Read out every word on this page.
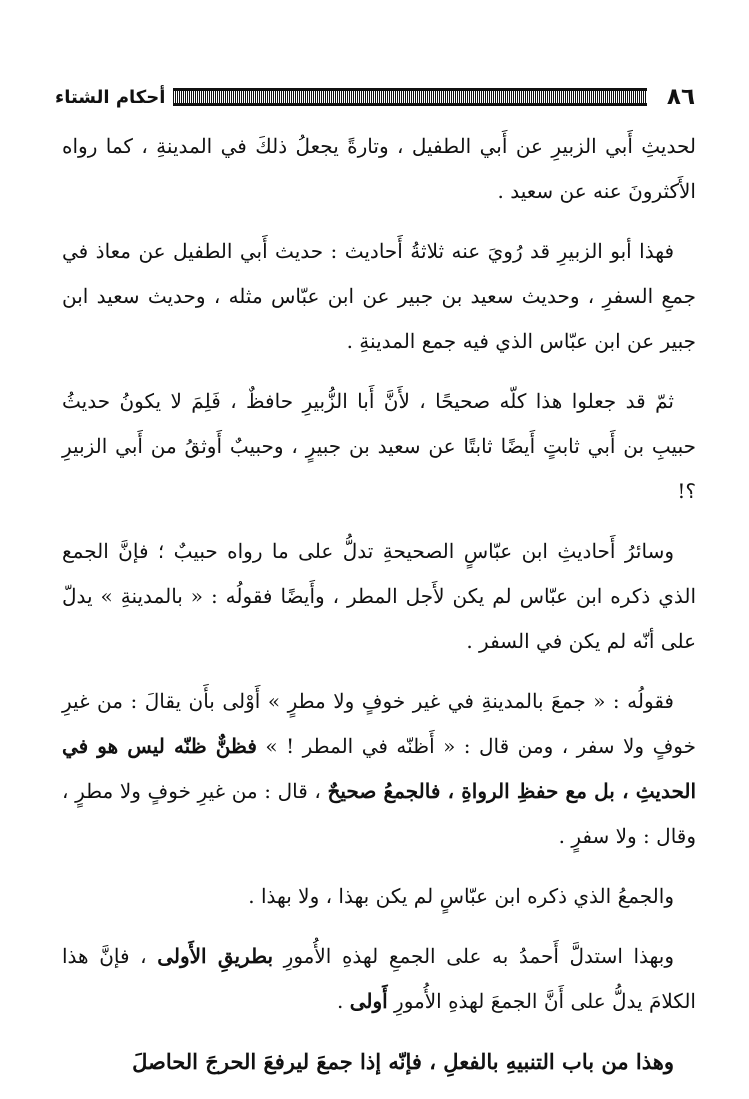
٨٦
أحكام الشتاء

لحديثِ أَبي الزبيرِ عن أَبي الطفيل ، وتارةً يجعلُ ذلكَ في المدينةِ ، كما رواه الأَكثرونَ عنه عن سعيد .

فهذا أبو الزبيرِ قد رُويَ عنه ثلاثةُ أَحاديث : حديث أَبي الطفيل عن معاذ في جمعِ السفرِ ، وحديث سعيد بن جبير عن ابن عبّاس مثله ، وحديث سعيد ابن جبير عن ابن عبّاس الذي فيه جمع المدينةِ .

ثمّ قد جعلوا هذا كلّه صحيحًا ، لأَنَّ أَبا الزُّبيرِ حافظٌ ، فَلِمَ لا يكونُ حديثُ حبيبِ بن أَبي ثابتٍ أَيضًا ثابتًا عن سعيد بن جبيرٍ ، وحبيبٌ أَوثقُ من أَبي الزبيرِ ؟!

وسائرُ أَحاديثِ ابن عبّاسٍ الصحيحةِ تدلُّ على ما رواه حبيبٌ ؛ فإنَّ الجمع الذي ذكره ابن عبّاس لم يكن لأَجل المطر ، وأَيضًا فقولُه : « بالمدينةِ » يدلّ على أنّه لم يكن في السفر .

فقولُه : « جمعَ بالمدينةِ في غير خوفٍ ولا مطرٍ » أَوْلى بأَن يقالَ : من غيرِ خوفٍ ولا سفر ، ومن قال : « أَظنّه في المطر ! » فظنٌّ ظنّه ليس هو في الحديثِ ، بل مع حفظِ الرواةِ ، فالجمعُ صحيحٌ ، قال : من غيرِ خوفٍ ولا مطرٍ ، وقال : ولا سفرٍ .

والجمعُ الذي ذكره ابن عبّاسٍ لم يكن بهذا ، ولا بهذا .

وبهذا استدلَّ أَحمدُ به على الجمعِ لهذهِ الأُمورِ بطريقِ الأَولى ، فإنَّ هذا الكلامَ يدلُّ على أَنَّ الجمعَ لهذهِ الأُمورِ أَولى .

وهذا من باب التنبيهِ بالفعلِ ، فإنّه إذا جمعَ ليرفعَ الحرجَ الحاصلَ
